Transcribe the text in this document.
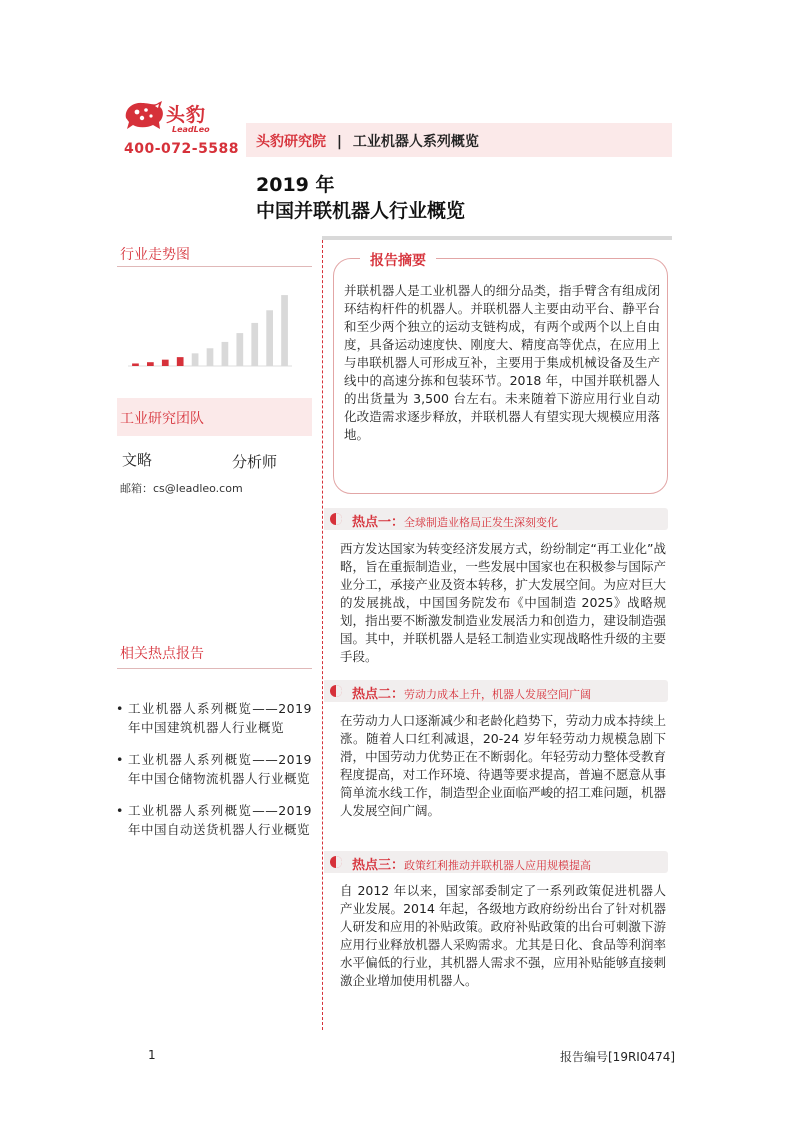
头豹
LeadLeo
400-072-5588 头豹研究院 | 工业机器人系列概览
2019 年
中国并联机器人行业概览
行业走势图
工业研究团队
文略	分析师
邮箱：cs@leadleo.com
相关热点报告
• 工业机器人系列概览——2019 年中国建筑机器人行业概览
• 工业机器人系列概览——2019 年中国仓储物流机器人行业概览
• 工业机器人系列概览——2019 年中国自动送货机器人行业概览
报告摘要
并联机器人是工业机器人的细分品类，指手臂含有组成闭环结构杆件的机器人。并联机器人主要由动平台、静平台和至少两个独立的运动支链构成，有两个或两个以上自由度，具备运动速度快、刚度大、精度高等优点，在应用上与串联机器人可形成互补，主要用于集成机械设备及生产线中的高速分拣和包装环节。2018 年，中国并联机器人的出货量为 3,500 台左右。未来随着下游应用行业自动化改造需求逐步释放，并联机器人有望实现大规模应用落地。
热点一：全球制造业格局正发生深刻变化
西方发达国家为转变经济发展方式，纷纷制定“再工业化”战略，旨在重振制造业，一些发展中国家也在积极参与国际产业分工，承接产业及资本转移，扩大发展空间。为应对巨大的发展挑战，中国国务院发布《中国制造 2025》战略规划，指出要不断激发制造业发展活力和创造力，建设制造强国。其中，并联机器人是轻工制造业实现战略性升级的主要手段。
热点二：劳动力成本上升，机器人发展空间广阔
在劳动力人口逐渐减少和老龄化趋势下，劳动力成本持续上涨。随着人口红利减退，20-24 岁年轻劳动力规模急剧下滑，中国劳动力优势正在不断弱化。年轻劳动力整体受教育程度提高，对工作环境、待遇等要求提高，普遍不愿意从事简单流水线工作，制造型企业面临严峻的招工难问题，机器人发展空间广阔。
热点三：政策红利推动并联机器人应用规模提高
自 2012 年以来，国家部委制定了一系列政策促进机器人产业发展。2014 年起，各级地方政府纷纷出台了针对机器人研发和应用的补贴政策。政府补贴政策的出台可刺激下游应用行业释放机器人采购需求。尤其是日化、食品等利润率水平偏低的行业，其机器人需求不强，应用补贴能够直接刺激企业增加使用机器人。
1	报告编号[19RI0474]
